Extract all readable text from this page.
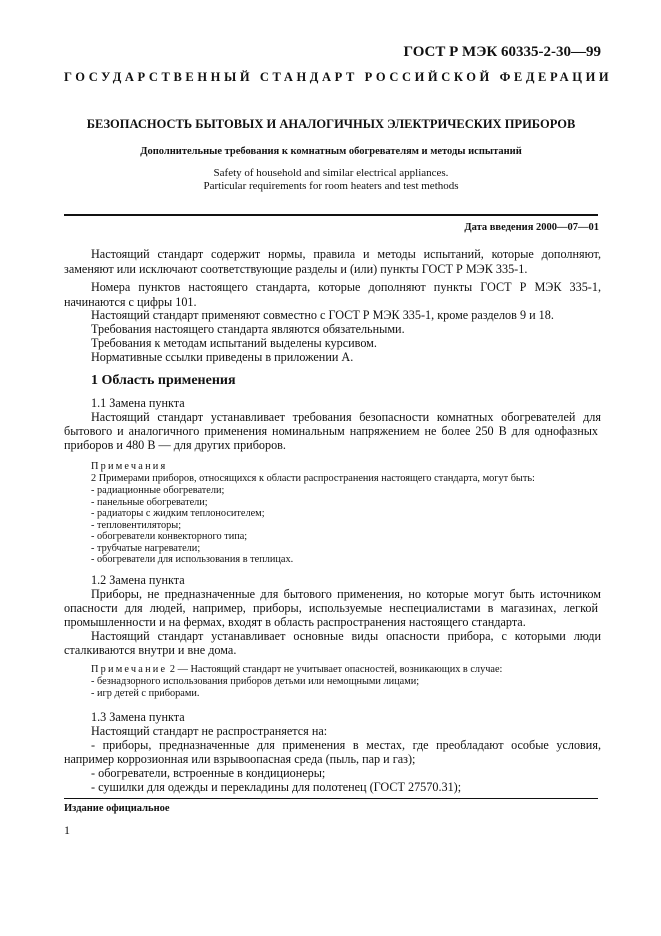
ГОСТ Р МЭК 60335-2-30—99
ГОСУДАРСТВЕННЫЙ СТАНДАРТ РОССИЙСКОЙ ФЕДЕРАЦИИ
БЕЗОПАСНОСТЬ БЫТОВЫХ И АНАЛОГИЧНЫХ ЭЛЕКТРИЧЕСКИХ ПРИБОРОВ
Дополнительные требования к комнатным обогревателям и методы испытаний
Safety of household and similar electrical appliances.
Particular requirements for room heaters and test methods
Дата введения 2000—07—01
Настоящий стандарт содержит нормы, правила и методы испытаний, которые дополняют,
заменяют или исключают соответствующие разделы и (или) пункты ГОСТ Р МЭК 335-1.
Номера пунктов настоящего стандарта, которые дополняют пункты ГОСТ Р МЭК 335-1,
начинаются с цифры 101.
Настоящий стандарт применяют совместно с ГОСТ Р МЭК 335-1, кроме разделов 9 и 18.
Требования настоящего стандарта являются обязательными.
Требования к методам испытаний выделены курсивом.
Нормативные ссылки приведены в приложении А.
1 Область применения
1.1 Замена пункта
Настоящий стандарт устанавливает требования безопасности комнатных обогревателей для
бытового и аналогичного применения номинальным напряжением не более 250 В для однофазных
приборов и 480 В — для других приборов.
Примечания
2 Примерами приборов, относящихся к области распространения настоящего стандарта, могут быть:
- радиационные обогреватели;
- панельные обогреватели;
- радиаторы с жидким теплоносителем;
- тепловентиляторы;
- обогреватели конвекторного типа;
- трубчатые нагреватели;
- обогреватели для использования в теплицах.
1.2 Замена пункта
Приборы, не предназначенные для бытового применения, но которые могут быть источником
опасности для людей, например, приборы, используемые неспециалистами в магазинах, легкой
промышленности и на фермах, входят в область распространения настоящего стандарта.
Настоящий стандарт устанавливает основные виды опасности прибора, с которыми люди
сталкиваются внутри и вне дома.
Примечание 2 — Настоящий стандарт не учитывает опасностей, возникающих в случае:
- безнадзорного использования приборов детьми или немощными лицами;
- игр детей с приборами.
1.3 Замена пункта
Настоящий стандарт не распространяется на:
- приборы, предназначенные для применения в местах, где преобладают особые условия,
например коррозионная или взрывоопасная среда (пыль, пар и газ);
- обогреватели, встроенные в кондиционеры;
- сушилки для одежды и перекладины для полотенец (ГОСТ 27570.31);
Издание официальное
1
